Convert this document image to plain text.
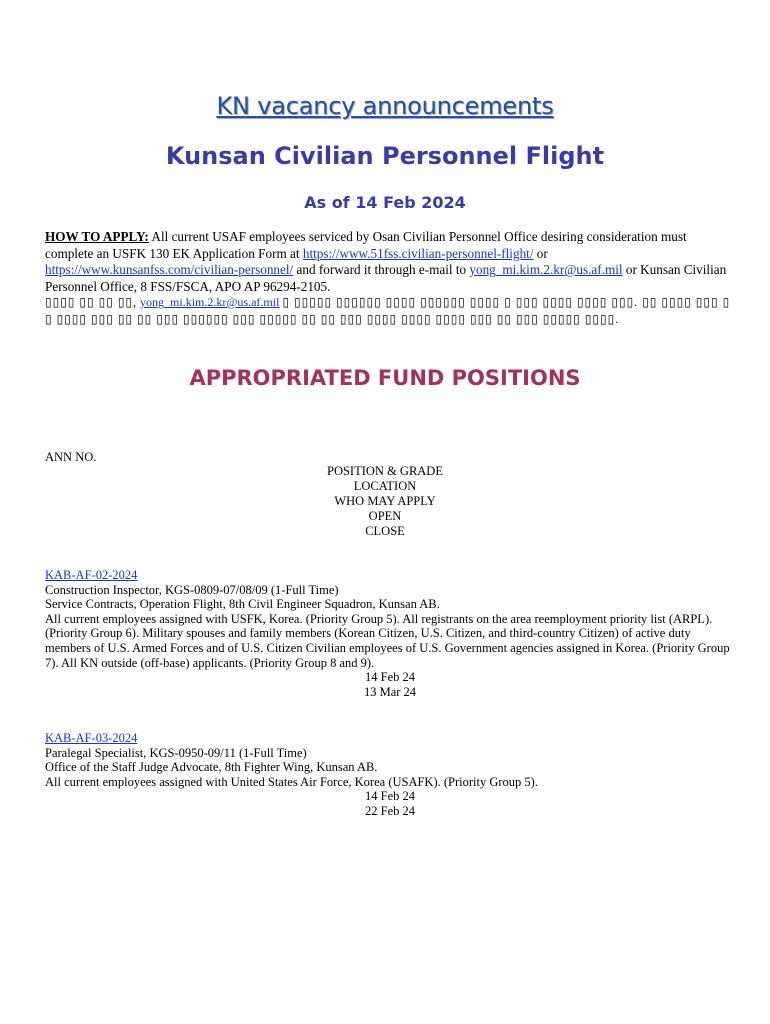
KN vacancy announcements
Kunsan Civilian Personnel Flight
As of 14 Feb 2024
HOW TO APPLY: All current USAF employees serviced by Osan Civilian Personnel Office desiring consideration must complete an USFK 130 EK Application Form at https://www.51fss.civilian-personnel-flight/ or
https://www.kunsanfss.com/civilian-personnel/ and forward it through e-mail to yong_mi.kim.2.kr@us.af.mil or Kunsan Civilian Personnel Office, 8 FSS/FSCA, APO AP 96294-2105.
▯▯▯▯ ▯▯ ▯▯ ▯▯, yong_mi.kim.2.kr@us.af.mil ▯ ▯▯▯▯▯ ▯▯▯▯▯▯ ▯▯▯▯ ▯▯▯▯▯▯ ▯▯▯▯ ▯ ▯▯▯ ▯▯▯▯ ▯▯▯▯ ▯▯▯. ▯▯ ▯▯▯▯ ▯▯▯ ▯ ▯ ▯▯▯▯ ▯▯▯ ▯▯ ▯▯ ▯▯▯ ▯▯▯▯▯▯ ▯▯▯ ▯▯▯▯▯ ▯▯ ▯▯ ▯▯▯ ▯▯▯▯ ▯▯▯▯ ▯▯▯▯ ▯▯▯ ▯▯ ▯▯▯ ▯▯▯▯▯ ▯▯▯▯.
APPROPRIATED FUND POSITIONS
ANN NO.
POSITION & GRADE
LOCATION
WHO MAY APPLY
OPEN
CLOSE
KAB-AF-02-2024
Construction Inspector, KGS-0809-07/08/09 (1-Full Time)
Service Contracts, Operation Flight, 8th Civil Engineer Squadron, Kunsan AB.
All current employees assigned with USFK, Korea. (Priority Group 5). All registrants on the area reemployment priority list (ARPL). (Priority Group 6). Military spouses and family members (Korean Citizen, U.S. Citizen, and third-country Citizen) of active duty members of U.S. Armed Forces and of U.S. Citizen Civilian employees of U.S. Government agencies assigned in Korea. (Priority Group 7). All KN outside (off-base) applicants. (Priority Group 8 and 9).
14 Feb 24
13 Mar 24
KAB-AF-03-2024
Paralegal Specialist, KGS-0950-09/11 (1-Full Time)
Office of the Staff Judge Advocate, 8th Fighter Wing, Kunsan AB.
All current employees assigned with United States Air Force, Korea (USAFK). (Priority Group 5).
14 Feb 24
22 Feb 24
